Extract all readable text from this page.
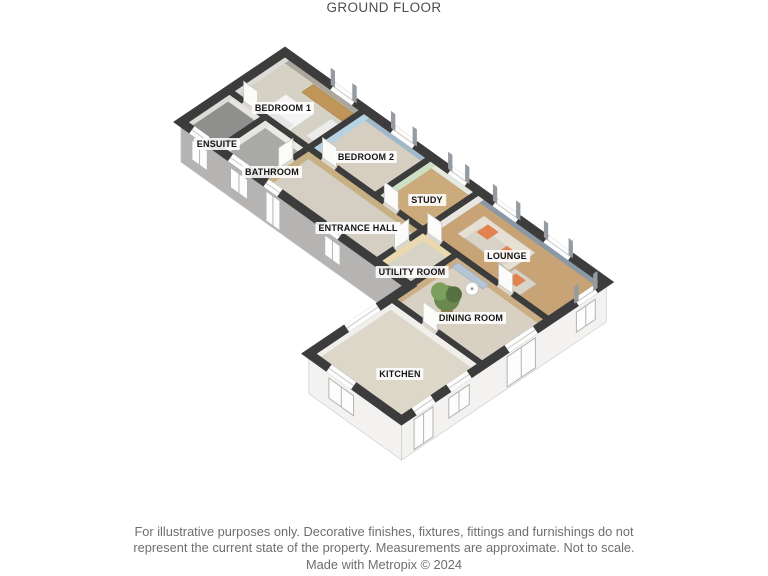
GROUND FLOOR
BEDROOM 1
ENSUITE
BEDROOM 2
BATHROOM
STUDY
ENTRANCE HALL
LOUNGE
UTILITY ROOM
DINING ROOM
KITCHEN
For illustrative purposes only. Decorative finishes, fixtures, fittings and furnishings do not
represent the current state of the property. Measurements are approximate. Not to scale.
Made with Metropix © 2024
